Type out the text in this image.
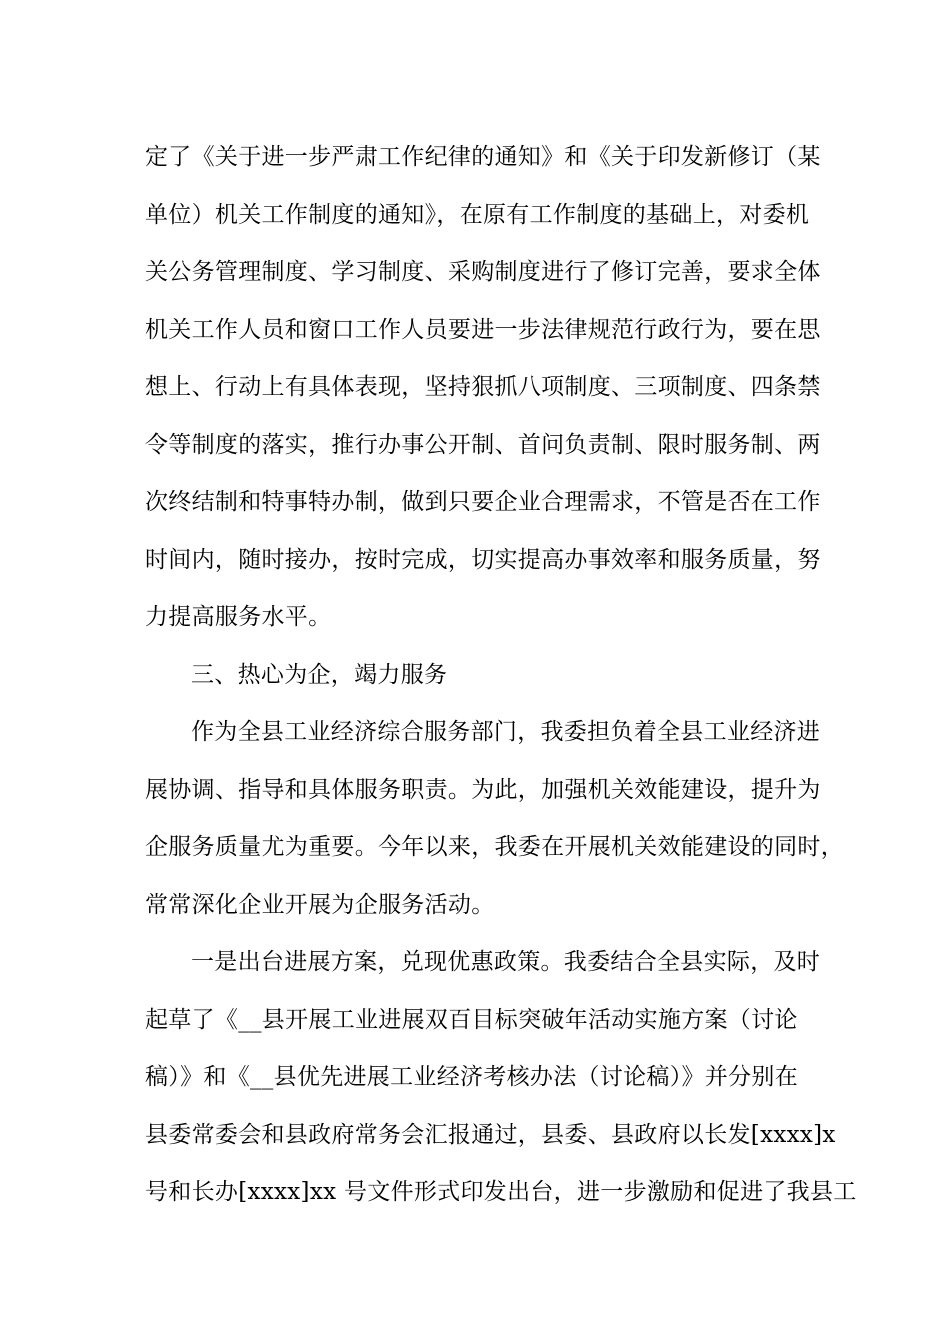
定了《关于进一步严肃工作纪律的通知》和《关于印发新修订（某
单位）机关工作制度的通知》，在原有工作制度的基础上，对委机
关公务管理制度、学习制度、采购制度进行了修订完善，要求全体
机关工作人员和窗口工作人员要进一步法律规范行政行为，要在思
想上、行动上有具体表现，坚持狠抓八项制度、三项制度、四条禁
令等制度的落实，推行办事公开制、首问负责制、限时服务制、两
次终结制和特事特办制，做到只要企业合理需求，不管是否在工作
时间内，随时接办，按时完成，切实提高办事效率和服务质量，努
力提高服务水平。
三、热心为企，竭力服务
作为全县工业经济综合服务部门，我委担负着全县工业经济进
展协调、指导和具体服务职责。为此，加强机关效能建设，提升为
企服务质量尤为重要。今年以来，我委在开展机关效能建设的同时，
常常深化企业开展为企服务活动。
一是出台进展方案，兑现优惠政策。我委结合全县实际，及时
起草了《__县开展工业进展双百目标突破年活动实施方案（讨论
稿）》和《__县优先进展工业经济考核办法（讨论稿）》并分别在
县委常委会和县政府常务会汇报通过，县委、县政府以长发[xxxx]x
号和长办[xxxx]xx 号文件形式印发出台，进一步激励和促进了我县工
